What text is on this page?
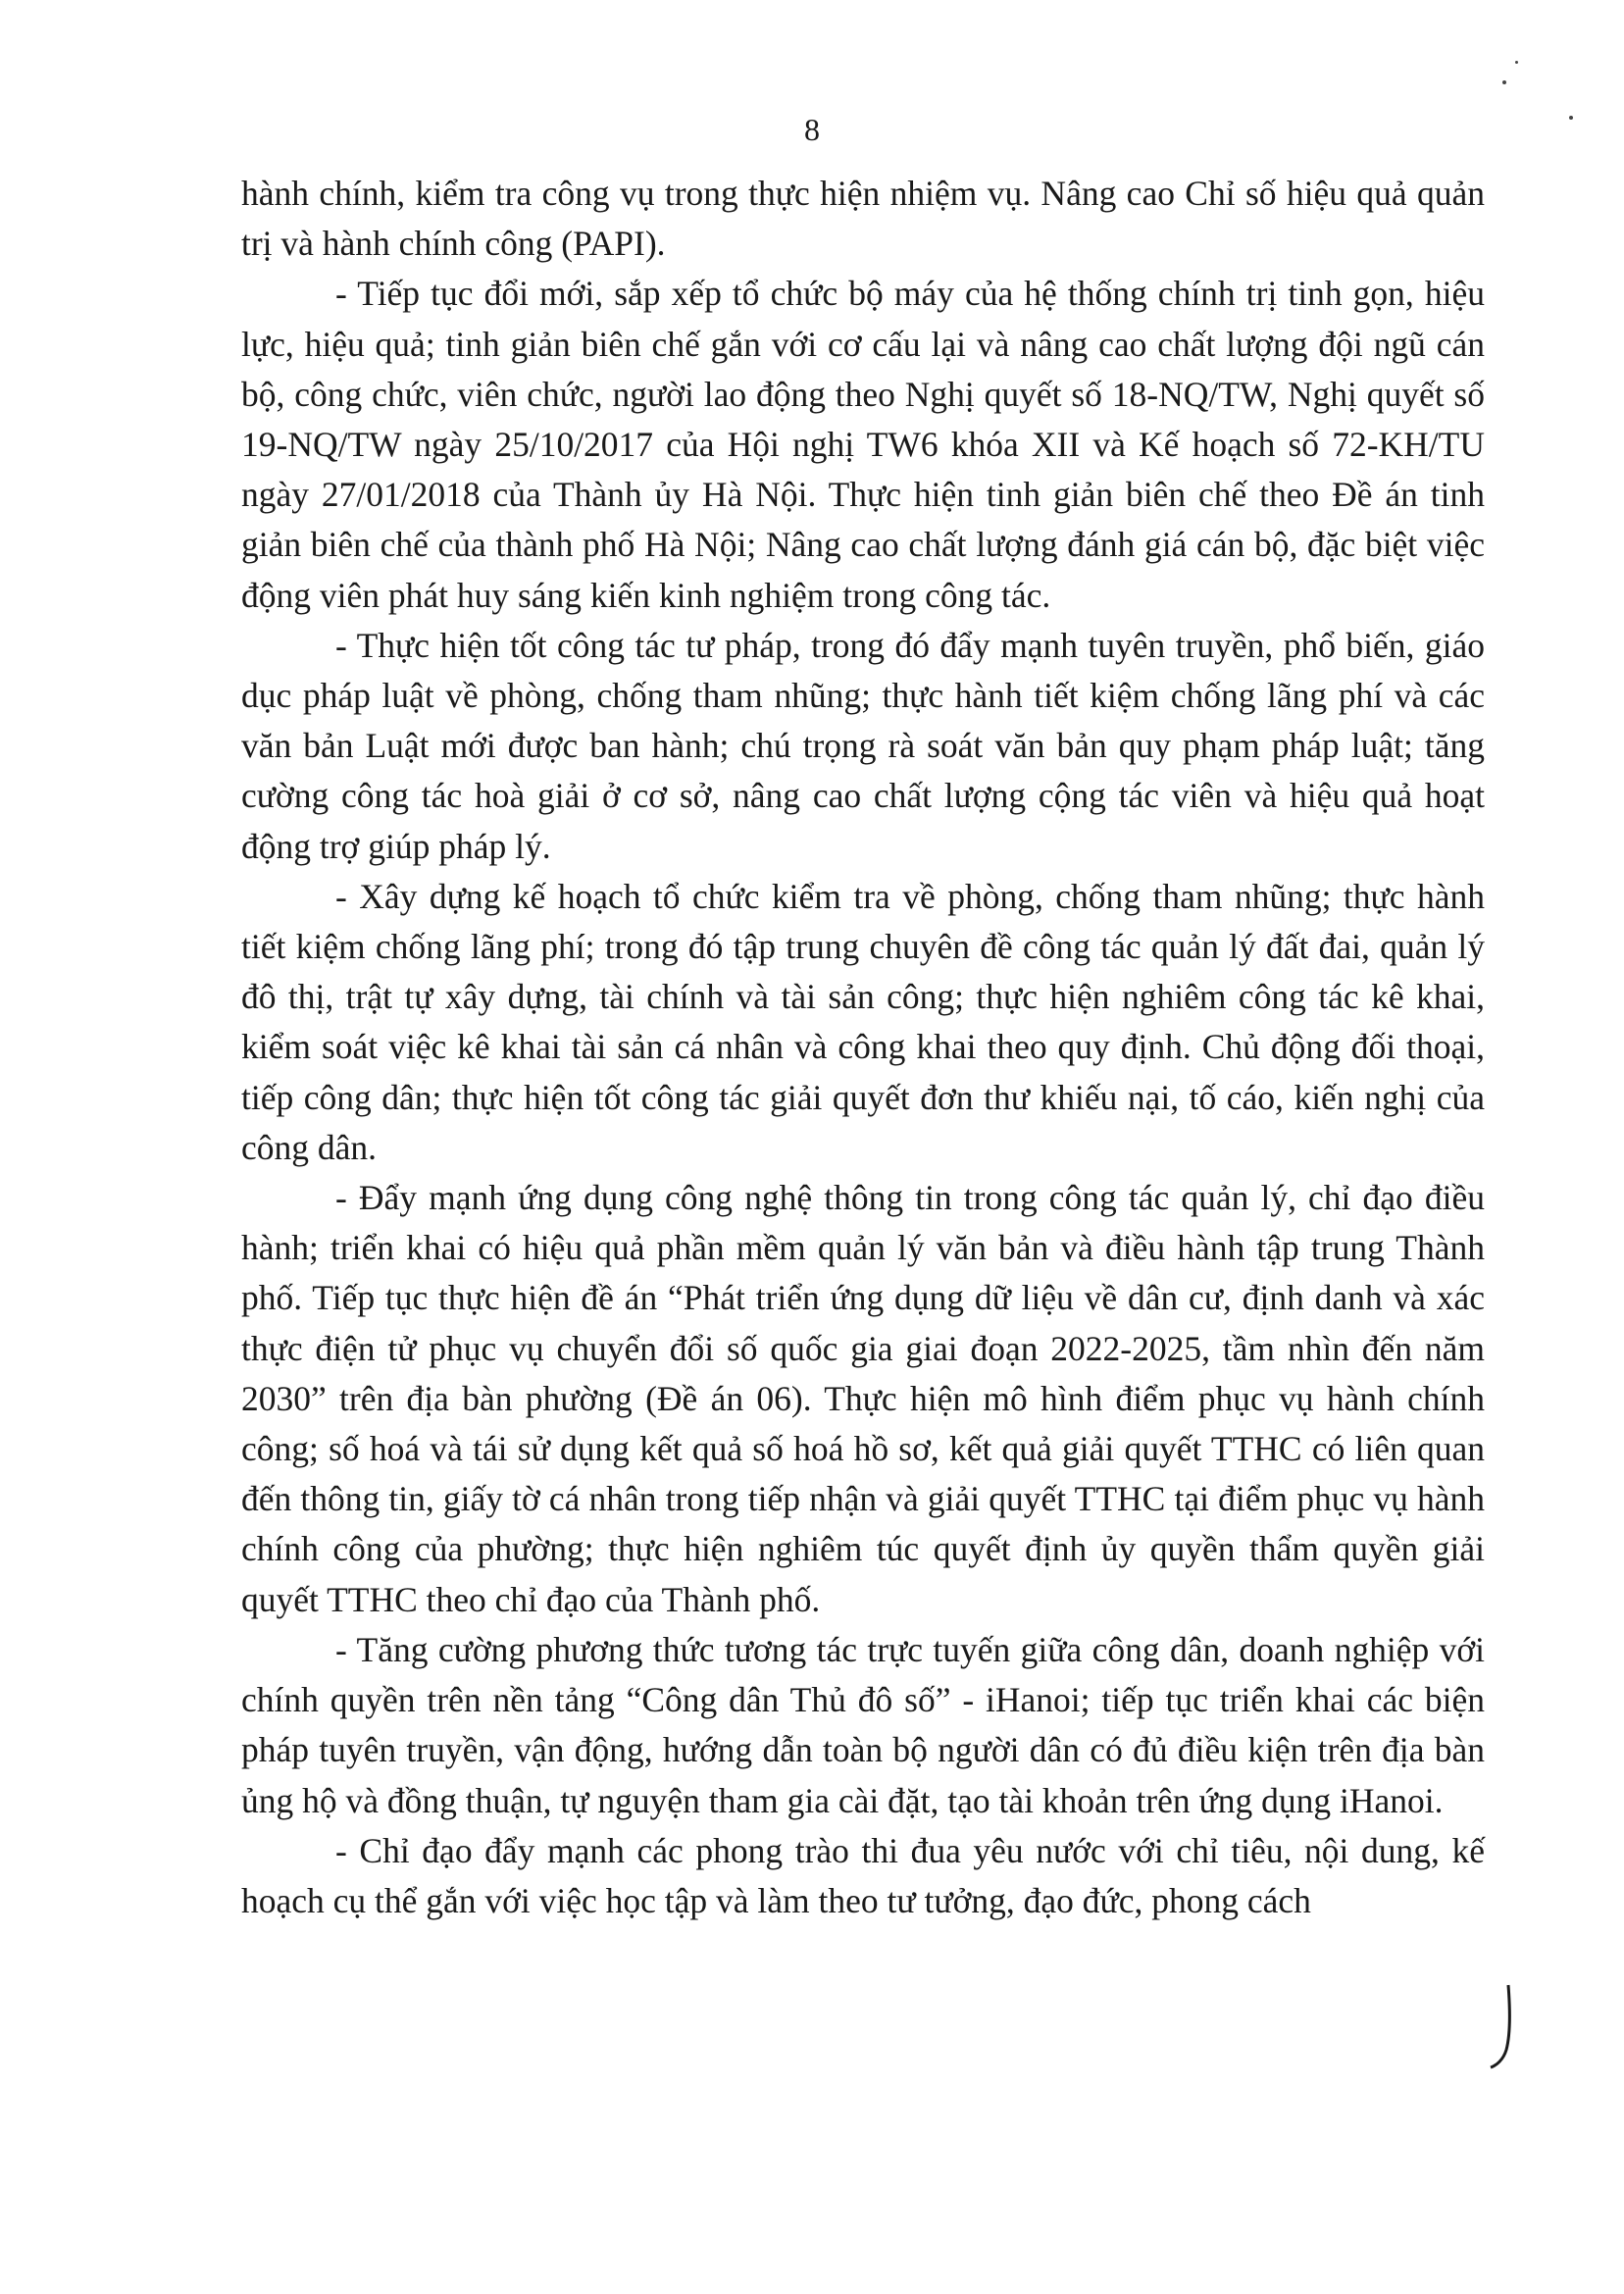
8

hành chính, kiểm tra công vụ trong thực hiện nhiệm vụ. Nâng cao Chỉ số hiệu quả quản trị và hành chính công (PAPI).

- Tiếp tục đổi mới, sắp xếp tổ chức bộ máy của hệ thống chính trị tinh gọn, hiệu lực, hiệu quả; tinh giản biên chế gắn với cơ cấu lại và nâng cao chất lượng đội ngũ cán bộ, công chức, viên chức, người lao động theo Nghị quyết số 18-NQ/TW, Nghị quyết số 19-NQ/TW ngày 25/10/2017 của Hội nghị TW6 khóa XII và Kế hoạch số 72-KH/TU ngày 27/01/2018 của Thành ủy Hà Nội. Thực hiện tinh giản biên chế theo Đề án tinh giản biên chế của thành phố Hà Nội; Nâng cao chất lượng đánh giá cán bộ, đặc biệt việc động viên phát huy sáng kiến kinh nghiệm trong công tác.

- Thực hiện tốt công tác tư pháp, trong đó đẩy mạnh tuyên truyền, phổ biến, giáo dục pháp luật về phòng, chống tham nhũng; thực hành tiết kiệm chống lãng phí và các văn bản Luật mới được ban hành; chú trọng rà soát văn bản quy phạm pháp luật; tăng cường công tác hoà giải ở cơ sở, nâng cao chất lượng cộng tác viên và hiệu quả hoạt động trợ giúp pháp lý.

- Xây dựng kế hoạch tổ chức kiểm tra về phòng, chống tham nhũng; thực hành tiết kiệm chống lãng phí; trong đó tập trung chuyên đề công tác quản lý đất đai, quản lý đô thị, trật tự xây dựng, tài chính và tài sản công; thực hiện nghiêm công tác kê khai, kiểm soát việc kê khai tài sản cá nhân và công khai theo quy định. Chủ động đối thoại, tiếp công dân; thực hiện tốt công tác giải quyết đơn thư khiếu nại, tố cáo, kiến nghị của công dân.

- Đẩy mạnh ứng dụng công nghệ thông tin trong công tác quản lý, chỉ đạo điều hành; triển khai có hiệu quả phần mềm quản lý văn bản và điều hành tập trung Thành phố. Tiếp tục thực hiện đề án “Phát triển ứng dụng dữ liệu về dân cư, định danh và xác thực điện tử phục vụ chuyển đổi số quốc gia giai đoạn 2022-2025, tầm nhìn đến năm 2030” trên địa bàn phường (Đề án 06). Thực hiện mô hình điểm phục vụ hành chính công; số hoá và tái sử dụng kết quả số hoá hồ sơ, kết quả giải quyết TTHC có liên quan đến thông tin, giấy tờ cá nhân trong tiếp nhận và giải quyết TTHC tại điểm phục vụ hành chính công của phường; thực hiện nghiêm túc quyết định ủy quyền thẩm quyền giải quyết TTHC theo chỉ đạo của Thành phố.

- Tăng cường phương thức tương tác trực tuyến giữa công dân, doanh nghiệp với chính quyền trên nền tảng “Công dân Thủ đô số” - iHanoi; tiếp tục triển khai các biện pháp tuyên truyền, vận động, hướng dẫn toàn bộ người dân có đủ điều kiện trên địa bàn ủng hộ và đồng thuận, tự nguyện tham gia cài đặt, tạo tài khoản trên ứng dụng iHanoi.

- Chỉ đạo đẩy mạnh các phong trào thi đua yêu nước với chỉ tiêu, nội dung, kế hoạch cụ thể gắn với việc học tập và làm theo tư tưởng, đạo đức, phong cách
